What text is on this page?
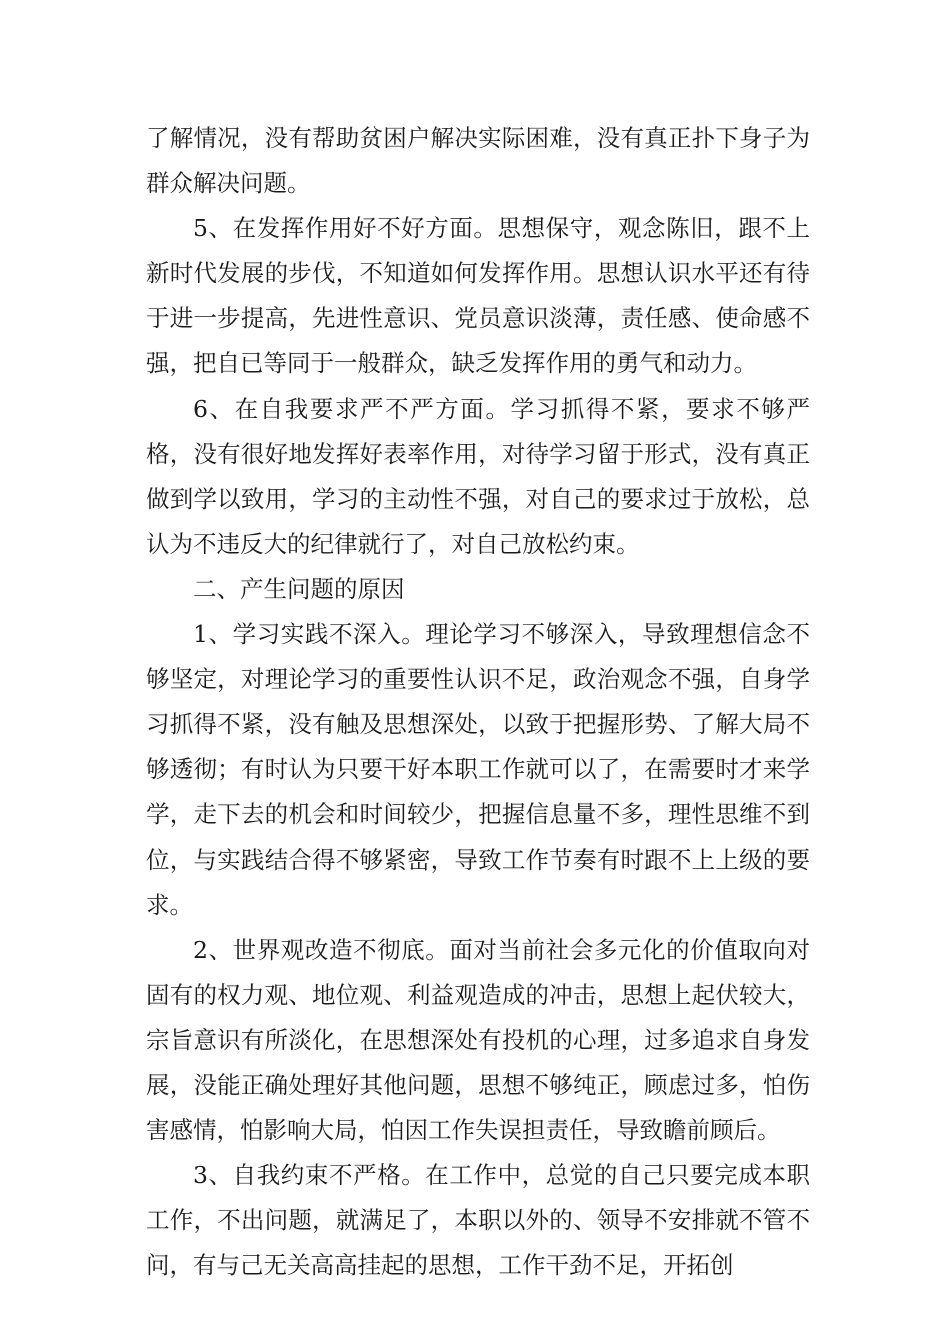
了解情况，没有帮助贫困户解决实际困难，没有真正扑下身子为群众解决问题。

5、在发挥作用好不好方面。思想保守，观念陈旧，跟不上新时代发展的步伐，不知道如何发挥作用。思想认识水平还有待于进一步提高，先进性意识、党员意识淡薄，责任感、使命感不强，把自已等同于一般群众，缺乏发挥作用的勇气和动力。

6、在自我要求严不严方面。学习抓得不紧，要求不够严格，没有很好地发挥好表率作用，对待学习留于形式，没有真正做到学以致用，学习的主动性不强，对自己的要求过于放松，总认为不违反大的纪律就行了，对自己放松约束。

二、产生问题的原因

1、学习实践不深入。理论学习不够深入，导致理想信念不够坚定，对理论学习的重要性认识不足，政治观念不强，自身学习抓得不紧，没有触及思想深处，以致于把握形势、了解大局不够透彻；有时认为只要干好本职工作就可以了，在需要时才来学学，走下去的机会和时间较少，把握信息量不多，理性思维不到位，与实践结合得不够紧密，导致工作节奏有时跟不上上级的要求。

2、世界观改造不彻底。面对当前社会多元化的价值取向对固有的权力观、地位观、利益观造成的冲击，思想上起伏较大，宗旨意识有所淡化，在思想深处有投机的心理，过多追求自身发展，没能正确处理好其他问题，思想不够纯正，顾虑过多，怕伤害感情，怕影响大局，怕因工作失误担责任，导致瞻前顾后。

3、自我约束不严格。在工作中，总觉的自己只要完成本职工作，不出问题，就满足了，本职以外的、领导不安排就不管不问，有与己无关高高挂起的思想，工作干劲不足，开拓创
